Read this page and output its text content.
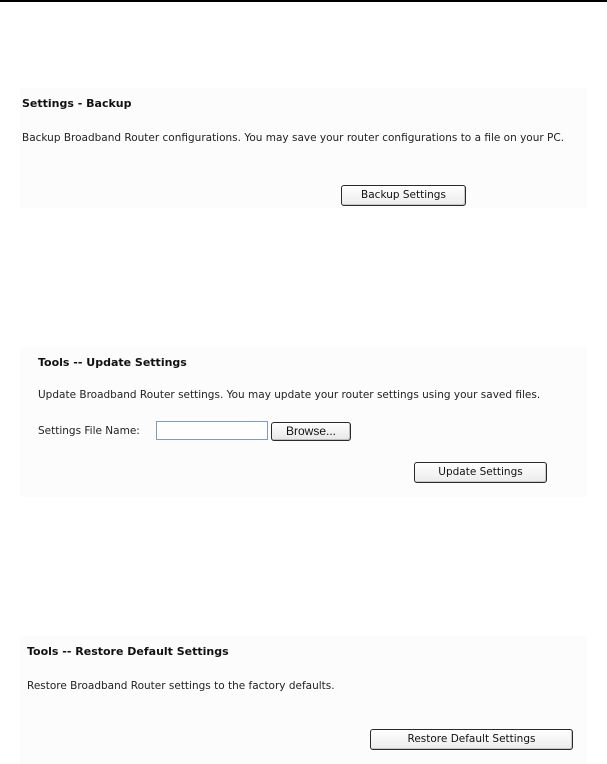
Settings - Backup
Backup Broadband Router configurations. You may save your router configurations to a file on your PC.
Backup Settings
Tools -- Update Settings
Update Broadband Router settings. You may update your router settings using your saved files.
Settings File Name:	Browse...
Update Settings
Tools -- Restore Default Settings
Restore Broadband Router settings to the factory defaults.
Restore Default Settings
